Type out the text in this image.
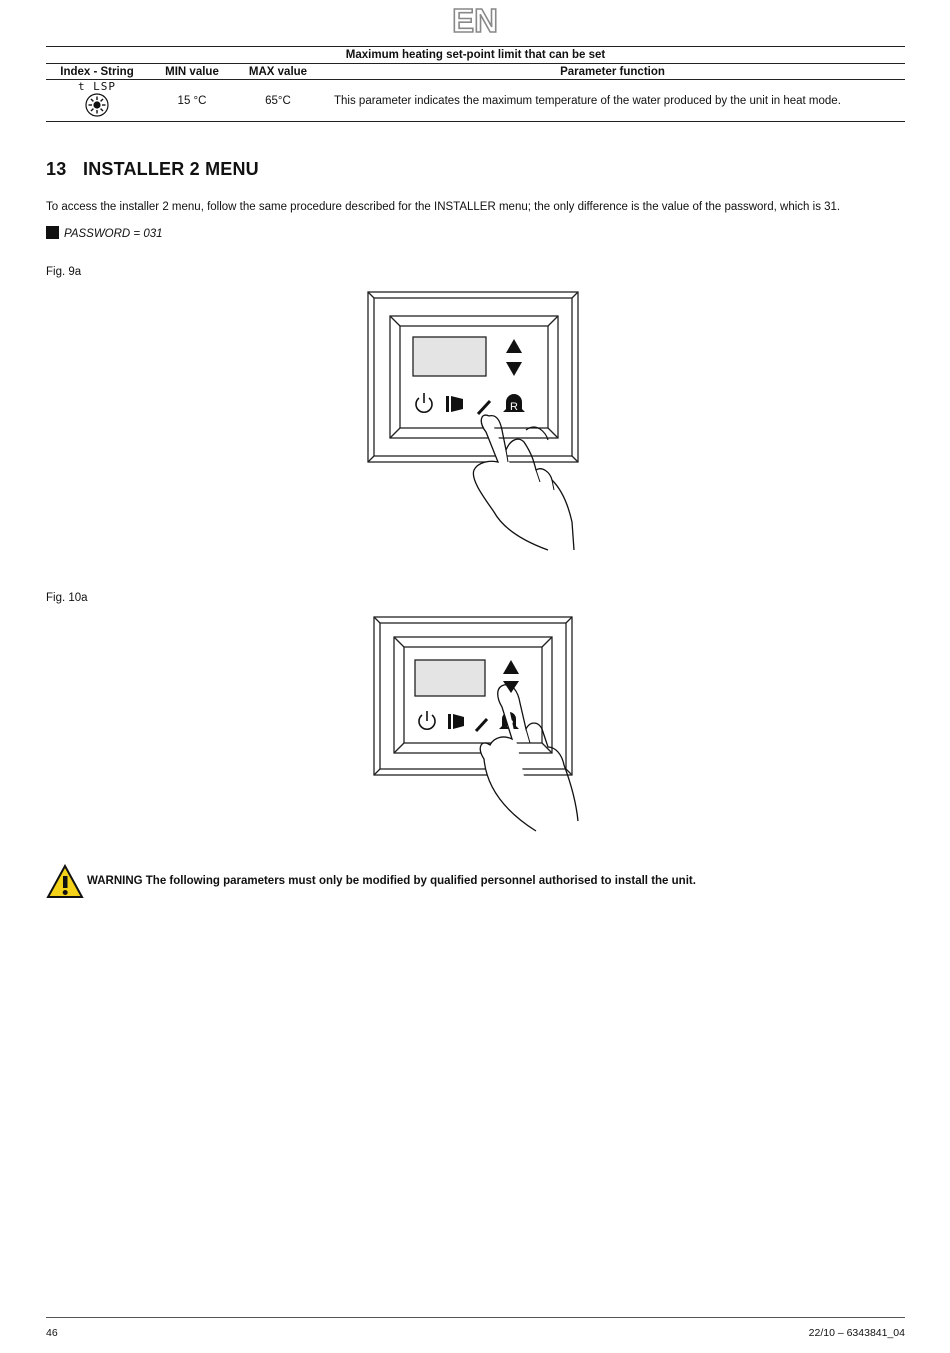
EN
Maximum heating set-point limit that can be set			
Index - String	MIN value	MAX value	Parameter function

t LSP	15 °C	65°C	This parameter indicates the maximum temperature of the water produced by the unit in heat mode.
13 INSTALLER 2 MENU
To access the installer 2 menu, follow the same procedure described for the INSTALLER menu; the only difference is the value of the password, which is 31.
PASSWORD = 031
Fig. 9a
R
Fig. 10a
WARNING The following parameters must only be modified by qualified personnel authorised to install the unit.
46	22/10 – 6343841_04
